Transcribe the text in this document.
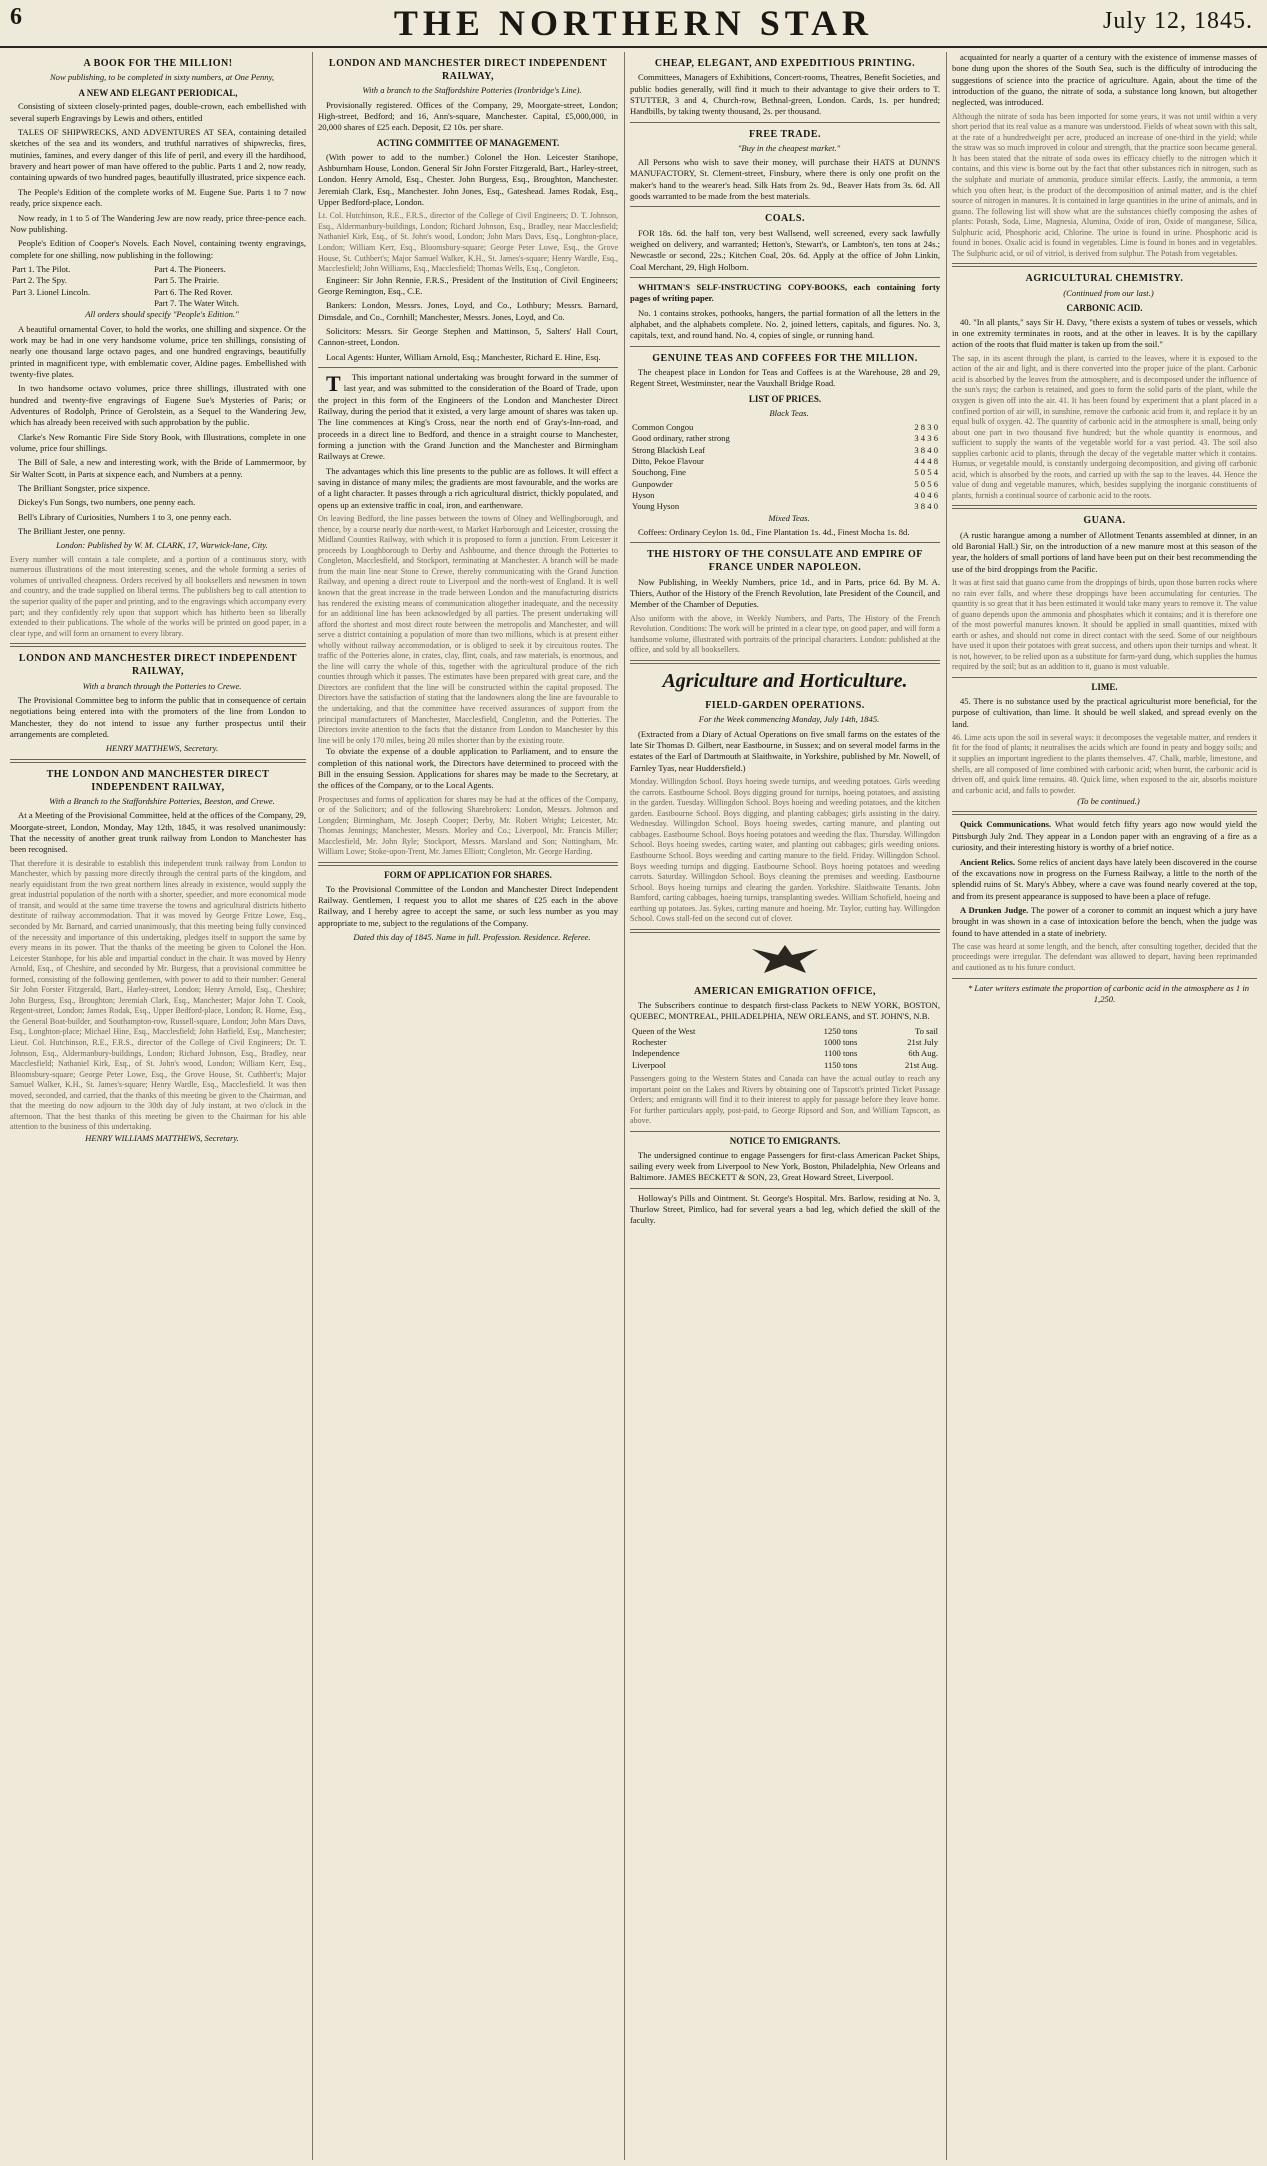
6	THE NORTHERN STAR	July 12, 1845.
A BOOK FOR THE MILLION!

Now publishing, to be completed in sixty numbers, at One Penny,

A NEW AND ELEGANT PERIODICAL,

Consisting of sixteen closely-printed pages, double-crown, each embellished with several superb Engravings by Lewis and others, entitled

TALES OF SHIPWRECKS, AND ADVENTURES AT SEA, containing detailed sketches of the sea and its wonders, and truthful narratives of shipwrecks, fires, mutinies, famines, and every danger of this life of peril, and every ill the hardihood, bravery and heart power of man have offered to the public. Parts 1 and 2, now ready, containing upwards of two hundred pages, beautifully illustrated, price sixpence each.

The People's Edition of the complete works of M. Eugene Sue. Parts 1 to 7 now ready, price sixpence each.

Now ready, in 1 to 5 of The Wandering Jew are now ready, price three-pence each. Now publishing.

People's Edition of Cooper's Novels. Each Novel, containing twenty engravings, complete for one shilling, now publishing in the following:

Part 1. The Pilot.	Part 4. The Pioneers.
Part 2. The Spy.	Part 5. The Prairie.
Part 3. Lionel Lincoln.	Part 6. The Red Rover.
	Part 7. The Water Witch.

All orders should specify "People's Edition."

A beautiful ornamental Cover, to hold the works, one shilling and sixpence. Or the work may be had in one very handsome volume, price ten shillings, consisting of nearly one thousand large octavo pages, and one hundred engravings, beautifully printed in magnificent type, with emblematic cover, Aldine pages. Embellished with twenty-five plates.

In two handsome octavo volumes, price three shillings, illustrated with one hundred and twenty-five engravings of Eugene Sue's Mysteries of Paris; or Adventures of Rodolph, Prince of Gerolstein, as a Sequel to the Wandering Jew, which has already been received with such approbation by the public.

Clarke's New Romantic Fire Side Story Book, with Illustrations, complete in one volume, price four shillings.

The Bill of Sale, a new and interesting work, with the Bride of Lammermoor, by Sir Walter Scott, in Parts at sixpence each, and Numbers at a penny.

The Brilliant Songster, price sixpence.

Dickey's Fun Songs, two numbers, one penny each.

Bell's Library of Curiosities, Numbers 1 to 3, one penny each.

The Brilliant Jester, one penny.

London: Published by W. M. CLARK, 17, Warwick-lane, City.

Every number will contain a tale complete, and a portion of a continuous story, with numerous illustrations of the most interesting scenes, and the whole forming a series of volumes of unrivalled cheapness. Orders received by all booksellers and newsmen in town and country, and the trade supplied on liberal terms. The publishers beg to call attention to the superior quality of the paper and printing, and to the engravings which accompany every part; and they confidently rely upon that support which has hitherto been so liberally extended to their publications. The whole of the works will be printed on good paper, in a clear type, and will form an ornament to every library.
LONDON AND MANCHESTER DIRECT INDEPENDENT RAILWAY,

With a branch through the Potteries to Crewe.

The Provisional Committee beg to inform the public that in consequence of certain negotiations being entered into with the promoters of the line from London to Manchester, they do not intend to issue any further prospectus until their arrangements are completed.

HENRY MATTHEWS, Secretary.

THE LONDON AND MANCHESTER DIRECT INDEPENDENT RAILWAY,

With a Branch to the Staffordshire Potteries, Beeston, and Crewe.

At a Meeting of the Provisional Committee, held at the offices of the Company, 29, Moorgate-street, London, Monday, May 12th, 1845, it was resolved unanimously: That the necessity of another great trunk railway from London to Manchester has been recognised.

That therefore it is desirable to establish this independent trunk railway from London to Manchester, which by passing more directly through the central parts of the kingdom, and nearly equidistant from the two great northern lines already in existence, would supply the great industrial population of the north with a shorter, speedier, and more economical mode of transit, and would at the same time traverse the towns and agricultural districts hitherto destitute of railway accommodation. That it was moved by George Fritze Lowe, Esq., seconded by Mr. Barnard, and carried unanimously, that this meeting being fully convinced of the necessity and importance of this undertaking, pledges itself to support the same by every means in its power. That the thanks of the meeting be given to Colonel the Hon. Leicester Stanhope, for his able and impartial conduct in the chair. It was moved by Henry Arnold, Esq., of Cheshire, and seconded by Mr. Burgess, that a provisional committee be formed, consisting of the following gentlemen, with power to add to their number: General Sir John Forster Fitzgerald, Bart., Harley-street, London; Henry Arnold, Esq., Cheshire; John Burgess, Esq., Broughton; Jeremiah Clark, Esq., Manchester; Major John T. Cook, Regent-street, London; James Rodak, Esq., Upper Bedford-place, London; R. Horne, Esq., the General Boat-builder, and Southampton-row, Russell-square, London; John Mars Davs, Esq., Longhton-place; Michael Hine, Esq., Macclesfield; John Hatfield, Esq., Manchester; Lieut. Col. Hutchinson, R.E., F.R.S., director of the College of Civil Engineers; Dr. T. Johnson, Esq., Aldermanbury-buildings, London; Richard Johnson, Esq., Bradley, near Macclesfield; Nathaniel Kirk, Esq., of St. John's wood, London; William Kerr, Esq., Bloomsbury-square; George Peter Lowe, Esq., the Grove House, St. Cuthbert's; Major Samuel Walker, K.H., St. James's-square; Henry Wardle, Esq., Macclesfield. It was then moved, seconded, and carried, that the thanks of this meeting be given to the Chairman, and that the meeting do now adjourn to the 30th day of July instant, at two o'clock in the afternoon. That the best thanks of this meeting be given to the Chairman for his able attention to the business of this undertaking.

HENRY WILLIAMS MATTHEWS, Secretary.

LONDON AND MANCHESTER DIRECT INDEPENDENT RAILWAY,

With a branch to the Staffordshire Potteries (Ironbridge's Line).

Provisionally registered. Offices of the Company, 29, Moorgate-street, London; High-street, Bedford; and 16, Ann's-square, Manchester. Capital, £5,000,000, in 20,000 shares of £25 each. Deposit, £2 10s. per share.

ACTING COMMITTEE OF MANAGEMENT.

(With power to add to the number.) Colonel the Hon. Leicester Stanhope, Ashburnham House, London. General Sir John Forster Fitzgerald, Bart., Harley-street, London. Henry Arnold, Esq., Chester. John Burgess, Esq., Broughton, Manchester. Jeremiah Clark, Esq., Manchester. John Jones, Esq., Gateshead. James Rodak, Esq., Upper Bedford-place, London.

Lt. Col. Hutchinson, R.E., F.R.S., director of the College of Civil Engineers; D. T. Johnson, Esq., Aldermanbury-buildings, London; Richard Johnson, Esq., Bradley, near Macclesfield; Nathaniel Kirk, Esq., of St. John's wood, London; John Mars Davs, Esq., Longhton-place, London; William Kerr, Esq., Bloomsbury-square; George Peter Lowe, Esq., the Grove House, St. Cuthbert's; Major Samuel Walker, K.H., St. James's-square; Henry Wardle, Esq., Macclesfield; John Williams, Esq., Macclesfield; Thomas Wells, Esq., Congleton.

Engineer: Sir John Rennie, F.R.S., President of the Institution of Civil Engineers; George Remington, Esq., C.E.

Bankers: London, Messrs. Jones, Loyd, and Co., Lothbury; Messrs. Barnard, Dimsdale, and Co., Cornhill; Manchester, Messrs. Jones, Loyd, and Co.

Solicitors: Messrs. Sir George Stephen and Mattinson, 5, Salters' Hall Court, Cannon-street, London.

Local Agents: Hunter, William Arnold, Esq.; Manchester, Richard E. Hine, Esq.

T This important national undertaking was brought forward in the summer of last year, and was submitted to the consideration of the Board of Trade, upon the project in this form of the Engineers of the London and Manchester Direct Railway, during the period that it existed, a very large amount of shares was taken up. The line commences at King's Cross, near the north end of Gray's-Inn-road, and proceeds in a direct line to Bedford, and thence in a straight course to Manchester, forming a junction with the Grand Junction and the Manchester and Birmingham Railways at Crewe.

The advantages which this line presents to the public are as follows. It will effect a saving in distance of many miles; the gradients are most favourable, and the works are of a light character. It passes through a rich agricultural district, thickly populated, and opens up an extensive traffic in coal, iron, and earthenware.

On leaving Bedford, the line passes between the towns of Olney and Wellingborough, and thence, by a course nearly due north-west, to Market Harborough and Leicester, crossing the Midland Counties Railway, with which it is proposed to form a junction. From Leicester it proceeds by Loughborough to Derby and Ashbourne, and thence through the Potteries to Congleton, Macclesfield, and Stockport, terminating at Manchester. A branch will be made from the main line near Stone to Crewe, thereby communicating with the Grand Junction Railway, and opening a direct route to Liverpool and the north-west of England. It is well known that the great increase in the trade between London and the manufacturing districts has rendered the existing means of communication altogether inadequate, and the necessity for an additional line has been acknowledged by all parties. The present undertaking will afford the shortest and most direct route between the metropolis and Manchester, and will serve a district containing a population of more than two millions, which is at present either wholly without railway accommodation, or is obliged to seek it by circuitous routes. The traffic of the Potteries alone, in crates, clay, flint, coals, and raw materials, is enormous, and the line will carry the whole of this, together with the agricultural produce of the rich counties through which it passes. The estimates have been prepared with great care, and the Directors are confident that the line will be constructed within the capital proposed. The Directors have the satisfaction of stating that the landowners along the line are favourable to the undertaking, and that the committee have received assurances of support from the principal manufacturers of Manchester, Macclesfield, Congleton, and the Potteries. The Directors invite attention to the facts that the distance from London to Manchester by this line will be only 170 miles, being 20 miles shorter than by the existing route.

To obviate the expense of a double application to Parliament, and to ensure the completion of this national work, the Directors have determined to proceed with the Bill in the ensuing Session. Applications for shares may be made to the Secretary, at the offices of the Company, or to the Local Agents.

Prospectuses and forms of application for shares may be had at the offices of the Company, or of the Solicitors; and of the following Sharebrokers: London, Messrs. Johnson and Longden; Birmingham, Mr. Joseph Cooper; Derby, Mr. Robert Wright; Leicester, Mr. Thomas Jennings; Manchester, Messrs. Morley and Co.; Liverpool, Mr. Francis Miller; Macclesfield, Mr. John Ryle; Stockport, Messrs. Marsland and Son; Nottingham, Mr. William Lowe; Stoke-upon-Trent, Mr. James Elliott; Congleton, Mr. George Harding.
FORM OF APPLICATION FOR SHARES.

To the Provisional Committee of the London and Manchester Direct Independent Railway. Gentlemen, I request you to allot me shares of £25 each in the above Railway, and I hereby agree to accept the same, or such less number as you may appropriate to me, subject to the regulations of the Company.

Dated this day of 1845. Name in full. Profession. Residence. Referee.

CHEAP, ELEGANT, AND EXPEDITIOUS PRINTING.

Committees, Managers of Exhibitions, Concert-rooms, Theatres, Benefit Societies, and public bodies generally, will find it much to their advantage to give their orders to T. STUTTER, 3 and 4, Church-row, Bethnal-green, London. Cards, 1s. per hundred; Handbills, by taking twenty thousand, 2s. per thousand.

FREE TRADE.

"Buy in the cheapest market."

All Persons who wish to save their money, will purchase their HATS at DUNN'S MANUFACTORY, St. Clement-street, Finsbury, where there is only one profit on the maker's hand to the wearer's head. Silk Hats from 2s. 9d., Beaver Hats from 3s. 6d. All goods warranted to be made from the best materials.

COALS.

FOR 18s. 6d. the half ton, very best Wallsend, well screened, every sack lawfully weighed on delivery, and warranted; Hetton's, Stewart's, or Lambton's, ten tons at 24s.; Newcastle or second, 22s.; Kitchen Coal, 20s. 6d. Apply at the office of John Linkin, Coal Merchant, 29, High Holborn.

WHITMAN'S SELF-INSTRUCTING COPY-BOOKS, each containing forty pages of writing paper.

No. 1 contains strokes, pothooks, hangers, the partial formation of all the letters in the alphabet, and the alphabets complete. No. 2, joined letters, capitals, and figures. No. 3, capitals, text, and round hand. No. 4, copies of single, or running hand.

GENUINE TEAS AND COFFEES FOR THE MILLION.

The cheapest place in London for Teas and Coffees is at the Warehouse, 28 and 29, Regent Street, Westminster, near the Vauxhall Bridge Road.

LIST OF PRICES.

Black Teas.

Common Congou	2 8 3 0
Good ordinary, rather strong	3 4 3 6
Strong Blackish Leaf	3 8 4 0
Ditto, Pekoe Flavour	4 4 4 8
Souchong, Fine	5 0 5 4
Gunpowder	5 0 5 6
Hyson	4 0 4 6
Young Hyson	3 8 4 0

Mixed Teas.

Coffees: Ordinary Ceylon 1s. 0d., Fine Plantation 1s. 4d., Finest Mocha 1s. 8d.

THE HISTORY OF THE CONSULATE AND EMPIRE OF FRANCE UNDER NAPOLEON.

Now Publishing, in Weekly Numbers, price 1d., and in Parts, price 6d. By M. A. Thiers, Author of the History of the French Revolution, late President of the Council, and Member of the Chamber of Deputies.

Also uniform with the above, in Weekly Numbers, and Parts, The History of the French Revolution. Conditions: The work will be printed in a clear type, on good paper, and will form a handsome volume, illustrated with portraits of the principal characters. London: published at the office, and sold by all booksellers.
Agriculture and Horticulture.
FIELD-GARDEN OPERATIONS.

For the Week commencing Monday, July 14th, 1845.

(Extracted from a Diary of Actual Operations on five small farms on the estates of the late Sir Thomas D. Gilbert, near Eastbourne, in Sussex; and on several model farms in the estates of the Earl of Dartmouth at Slaithwaite, in Yorkshire, published by Mr. Nowell, of Farnley Tyas, near Huddersfield.)

Monday. Willingdon School. Boys hoeing swede turnips, and weeding potatoes. Girls weeding the carrots. Eastbourne School. Boys digging ground for turnips, hoeing potatoes, and assisting in the garden. Tuesday. Willingdon School. Boys hoeing and weeding potatoes, and the kitchen garden. Eastbourne School. Boys digging, and planting cabbages; girls assisting in the dairy. Wednesday. Willingdon School. Boys hoeing swedes, carting manure, and planting out cabbages. Eastbourne School. Boys hoeing potatoes and weeding the flax. Thursday. Willingdon School. Boys hoeing swedes, carting water, and planting out cabbages; girls weeding onions. Eastbourne School. Boys weeding and carting manure to the field. Friday. Willingdon School. Boys weeding turnips and digging. Eastbourne School. Boys hoeing potatoes and weeding carrots. Saturday. Willingdon School. Boys cleaning the premises and weeding. Eastbourne School. Boys hoeing turnips and clearing the garden. Yorkshire. Slaithwaite Tenants. John Bamford, carting cabbages, hoeing turnips, transplanting swedes. William Schofield, hoeing and earthing up potatoes. Jas. Sykes, carting manure and hoeing. Mr. Taylor, cutting hay. Willingdon School. Cows stall-fed on the second cut of clover.
AMERICAN EMIGRATION OFFICE,

The Subscribers continue to despatch first-class Packets to NEW YORK, BOSTON, QUEBEC, MONTREAL, PHILADELPHIA, NEW ORLEANS, and ST. JOHN'S, N.B.

Queen of the West	1250 tons	To sail
Rochester	1000 tons	21st July
Independence	1100 tons	6th Aug.
Liverpool	1150 tons	21st Aug.
Passengers going to the Western States and Canada can have the actual outlay to reach any important point on the Lakes and Rivers by obtaining one of Tapscott's printed Ticket Passage Orders; and emigrants will find it to their interest to apply for passage before they leave home. For further particulars apply, post-paid, to George Ripsord and Son, and William Tapscott, as above.
NOTICE TO EMIGRANTS.

The undersigned continue to engage Passengers for first-class American Packet Ships, sailing every week from Liverpool to New York, Boston, Philadelphia, New Orleans and Baltimore. JAMES BECKETT & SON, 23, Great Howard Street, Liverpool.

Holloway's Pills and Ointment. St. George's Hospital. Mrs. Barlow, residing at No. 3, Thurlow Street, Pimlico, had for several years a bad leg, which defied the skill of the faculty.

acquainted for nearly a quarter of a century with the existence of immense masses of bone dung upon the shores of the South Sea, such is the difficulty of introducing the suggestions of science into the practice of agriculture. Again, about the time of the introduction of the guano, the nitrate of soda, a substance long known, but altogether neglected, was introduced.

Although the nitrate of soda has been imported for some years, it was not until within a very short period that its real value as a manure was understood. Fields of wheat sown with this salt, at the rate of a hundredweight per acre, produced an increase of one-third in the yield; while the straw was so much improved in colour and strength, that the practice soon became general. It has been stated that the nitrate of soda owes its efficacy chiefly to the nitrogen which it contains, and this view is borne out by the fact that other substances rich in nitrogen, such as the sulphate and muriate of ammonia, produce similar effects. Lastly, the ammonia, a term which you often hear, is the product of the decomposition of animal matter, and is the chief source of nitrogen in manures. It is contained in large quantities in the urine of animals, and in guano. The following list will show what are the substances chiefly composing the ashes of plants: Potash, Soda, Lime, Magnesia, Alumina, Oxide of iron, Oxide of manganese, Silica, Sulphuric acid, Phosphoric acid, Chlorine. The urine is found in urine. Phosphoric acid is found in bones. Oxalic acid is found in vegetables. Lime is found in bones and in vegetables. The Sulphuric acid, or oil of vitriol, is derived from sulphur. The Potash from vegetables.
AGRICULTURAL CHEMISTRY.

(Continued from our last.)

CARBONIC ACID.

40. "In all plants," says Sir H. Davy, "there exists a system of tubes or vessels, which in one extremity terminates in roots, and at the other in leaves. It is by the capillary action of the roots that fluid matter is taken up from the soil."

The sap, in its ascent through the plant, is carried to the leaves, where it is exposed to the action of the air and light, and is there converted into the proper juice of the plant. Carbonic acid is absorbed by the leaves from the atmosphere, and is decomposed under the influence of the sun's rays; the carbon is retained, and goes to form the solid parts of the plant, while the oxygen is given off into the air. 41. It has been found by experiment that a plant placed in a confined portion of air will, in sunshine, remove the carbonic acid from it, and replace it by an equal bulk of oxygen. 42. The quantity of carbonic acid in the atmosphere is small, being only about one part in two thousand five hundred; but the whole quantity is enormous, and sufficient to supply the wants of the vegetable world for a vast period. 43. The soil also supplies carbonic acid to plants, through the decay of the vegetable matter which it contains. Humus, or vegetable mould, is constantly undergoing decomposition, and giving off carbonic acid, which is absorbed by the roots, and carried up with the sap to the leaves. 44. Hence the value of dung and vegetable manures, which, besides supplying the inorganic constituents of plants, furnish a continual source of carbonic acid to the roots.
GUANA.

(A rustic harangue among a number of Allotment Tenants assembled at dinner, in an old Baronial Hall.) Sir, on the introduction of a new manure most at this season of the year, the holders of small portions of land have been put on their best recommending the use of the bird droppings from the Pacific.

It was at first said that guano came from the droppings of birds, upon those barren rocks where no rain ever falls, and where these droppings have been accumulating for centuries. The quantity is so great that it has been estimated it would take many years to remove it. The value of guano depends upon the ammonia and phosphates which it contains; and it is therefore one of the most powerful manures known. It should be applied in small quantities, mixed with earth or ashes, and should not come in direct contact with the seed. Some of our neighbours have used it upon their potatoes with great success, and others upon their turnips and wheat. It is not, however, to be relied upon as a substitute for farm-yard dung, which supplies the humus required by the soil; but as an addition to it, guano is most valuable.
LIME.

45. There is no substance used by the practical agriculturist more beneficial, for the purpose of cultivation, than lime. It should be well slaked, and spread evenly on the land.

46. Lime acts upon the soil in several ways: it decomposes the vegetable matter, and renders it fit for the food of plants; it neutralises the acids which are found in peaty and boggy soils; and it supplies an important ingredient to the plants themselves. 47. Chalk, marble, limestone, and shells, are all composed of lime combined with carbonic acid; when burnt, the carbonic acid is driven off, and quick lime remains. 48. Quick lime, when exposed to the air, absorbs moisture and carbonic acid, and falls to powder.

(To be continued.)

Quick Communications. What would fetch fifty years ago now would yield the Pittsburgh July 2nd. They appear in a London paper with an engraving of a fire as a curiosity, and their interesting history is worthy of a brief notice.

Ancient Relics. Some relics of ancient days have lately been discovered in the course of the excavations now in progress on the Furness Railway, a little to the north of the splendid ruins of St. Mary's Abbey, where a cave was found nearly covered at the top, and from its present appearance is supposed to have been a place of refuge.

A Drunken Judge. The power of a coroner to commit an inquest which a jury have brought in was shown in a case of intoxication before the bench, when the judge was found to have attended in a state of inebriety.

The case was heard at some length, and the bench, after consulting together, decided that the proceedings were irregular. The defendant was allowed to depart, having been reprimanded and cautioned as to his future conduct.

* Later writers estimate the proportion of carbonic acid in the atmosphere as 1 in 1,250.
